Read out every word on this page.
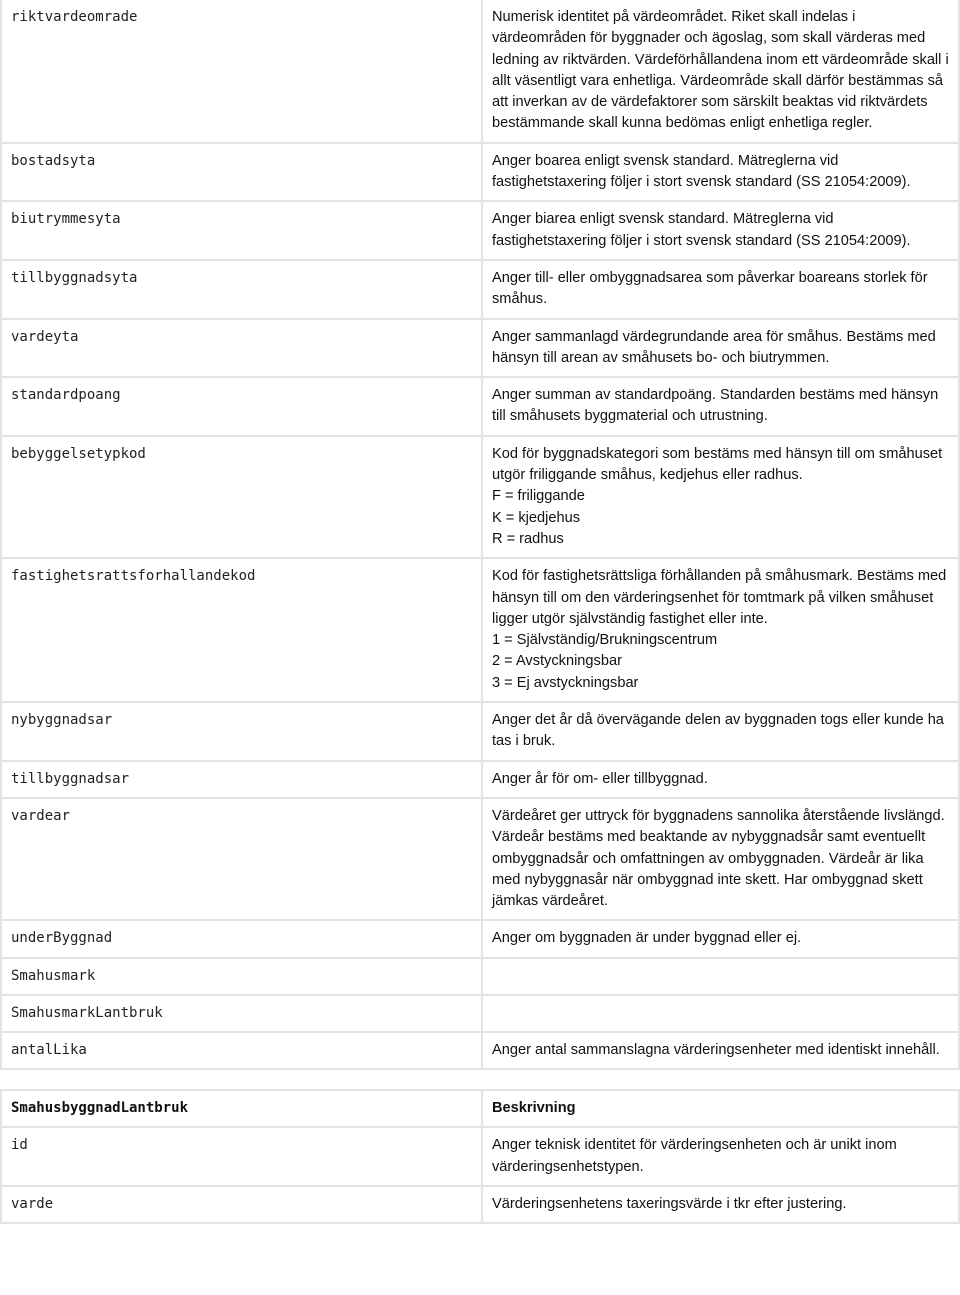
riktvardeomrade	Numerisk identitet på värdeområdet. Riket skall indelas i värdeområden för byggnader och ägoslag, som skall värderas med ledning av riktvärden. Värdeförhållandena inom ett värdeområde skall i allt väsentligt vara enhetliga. Värdeområde skall därför bestämmas så att inverkan av de värdefaktorer som särskilt beaktas vid riktvärdets bestämmande skall kunna bedömas enligt enhetliga regler.

bostadsyta	Anger boarea enligt svensk standard. Mätreglerna vid fastighetstaxering följer i stort svensk standard (SS 21054:2009).

biutrymmesyta	Anger biarea enligt svensk standard. Mätreglerna vid fastighetstaxering följer i stort svensk standard (SS 21054:2009).

tillbyggnadsyta	Anger till- eller ombyggnadsarea som påverkar boareans storlek för småhus.

vardeyta	Anger sammanlagd värdegrundande area för småhus. Bestäms med hänsyn till arean av småhusets bo- och biutrymmen.

standardpoang	Anger summan av standardpoäng. Standarden bestäms med hänsyn till småhusets byggmaterial och utrustning.

bebyggelsetypkod	Kod för byggnadskategori som bestäms med hänsyn till om småhuset utgör friliggande småhus, kedjehus eller radhus.
F = friliggande
K = kjedjehus
R = radhus

fastighetsrattsforhallandekod	Kod för fastighetsrättsliga förhållanden på småhusmark. Bestäms med hänsyn till om den värderingsenhet för tomtmark på vilken småhuset ligger utgör självständig fastighet eller inte.
1 = Självständig/Brukningscentrum
2 = Avstyckningsbar
3 = Ej avstyckningsbar

nybyggnadsar	Anger det år då övervägande delen av byggnaden togs eller kunde ha tas i bruk.

tillbyggnadsar	Anger år för om- eller tillbyggnad.

vardear	Värdeåret ger uttryck för byggnadens sannolika återstående livslängd. Värdeår bestäms med beaktande av nybyggnadsår samt eventuellt ombyggnadsår och omfattningen av ombyggnaden. Värdeår är lika med nybyggnasår när ombyggnad inte skett. Har ombyggnad skett jämkas värdeåret.

underByggnad	Anger om byggnaden är under byggnad eller ej.

Smahusmark	
SmahusmarkLantbruk	
antalLika	Anger antal sammanslagna värderingsenheter med identiskt innehåll.
SmahusbyggnadLantbruk	Beskrivning
id	Anger teknisk identitet för värderingsenheten och är unikt inom värderingsenhetstypen.

varde	Värderingsenhetens taxeringsvärde i tkr efter justering.
